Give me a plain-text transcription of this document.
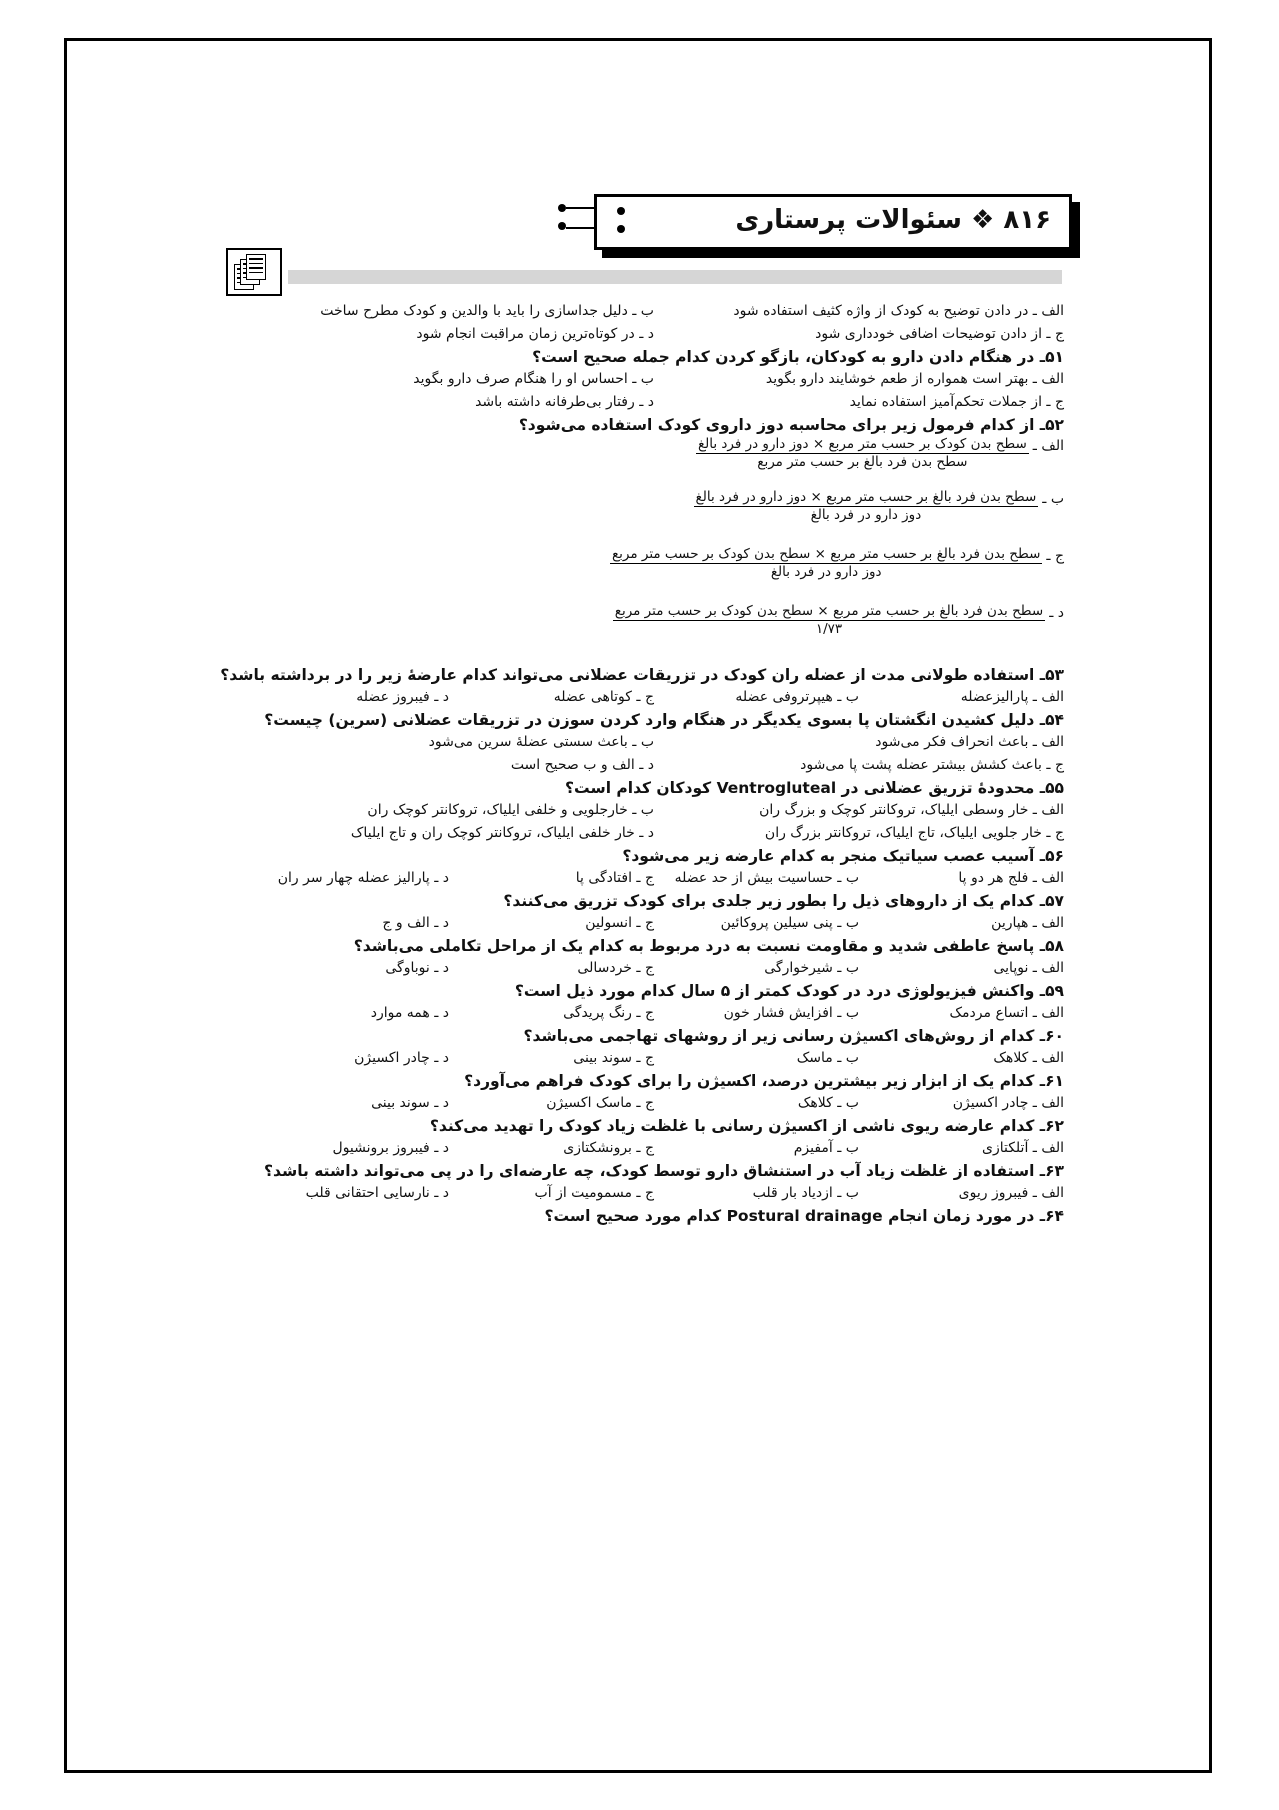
۸۱۶ ❖ سئوالات پرستاری
الف ـ در دادن توضیح به کودک از واژه کثیف استفاده شود
ب ـ دلیل جداسازی را باید با والدین و کودک مطرح ساخت
ج ـ از دادن توضیحات اضافی خودداری شود
د ـ در کوتاه‌ترین زمان مراقبت انجام شود
۵۱ـ در هنگام دادن دارو به کودکان، بازگو کردن کدام جمله صحیح است؟
الف ـ بهتر است همواره از طعم خوشایند دارو بگوید
ب ـ احساس او را هنگام صرف دارو بگوید
ج ـ از جملات تحکم‌آمیز استفاده نماید
د ـ رفتار بی‌طرفانه داشته باشد
۵۲ـ از کدام فرمول زیر برای محاسبه دوز داروی کودک استفاده می‌شود؟
الف ـ
$\frac{\text{سطح بدن کودک بر حسب متر مربع × دوز دارو در فرد بالغ}}{\text{سطح بدن فرد بالغ بر حسب متر مربع}}$
ب ـ
$\frac{\text{سطح بدن فرد بالغ بر حسب متر مربع × دوز دارو در فرد بالغ}}{\text{دوز دارو در فرد بالغ}}$
ج ـ
سطح بدن فرد بالغ بر حسب متر مربع × سطح بدن کودک بر حسب متر مربع
دوز دارو در فرد بالغ
د ـ
سطح بدن فرد بالغ بر حسب متر مربع × سطح بدن کودک بر حسب متر مربع
۱/۷۳
۵۳ـ استفاده طولانی مدت از عضله ران کودک در تزریقات عضلانی می‌تواند کدام عارضهٔ زیر را در برداشته باشد؟
الف ـ پارالیزعضله
ب ـ هیپرتروفی عضله
ج ـ کوتاهی عضله
د ـ فیبروز عضله
۵۴ـ دلیل کشیدن انگشتان پا بسوی یکدیگر در هنگام وارد کردن سوزن در تزریقات عضلانی (سرین) چیست؟
الف ـ باعث انحراف فکر می‌شود
ب ـ باعث سستی عضلهٔ سرین می‌شود
ج ـ باعث کشش بیشتر عضله پشت پا می‌شود
د ـ الف و ب صحیح است
۵۵ـ محدودهٔ تزریق عضلانی در Ventrogluteal کودکان کدام است؟
الف ـ خار وسطی ایلیاک، تروکانتر کوچک و بزرگ ران
ب ـ خارجلویی و خلفی ایلیاک، تروکانتر کوچک ران
ج ـ خار جلویی ایلیاک، تاج ایلیاک، تروکانتر بزرگ ران
د ـ خار خلفی ایلیاک، تروکانتر کوچک ران و تاج ایلیاک
۵۶ـ آسیب عصب سیاتیک منجر به کدام عارضه زیر می‌شود؟
الف ـ فلج هر دو پا
ب ـ حساسیت بیش از حد عضله
ج ـ افتادگی پا
د ـ پارالیز عضله چهار سر ران
۵۷ـ کدام یک از داروهای ذیل را بطور زیر جلدی برای کودک تزریق می‌کنند؟
الف ـ هپارین
ب ـ پنی سیلین پروکائین
ج ـ انسولین
د ـ الف و ج
۵۸ـ پاسخ عاطفی شدید و مقاومت نسبت به درد مربوط به کدام یک از مراحل تکاملی می‌باشد؟
الف ـ نوپایی
ب ـ شیرخوارگی
ج ـ خردسالی
د ـ نوباوگی
۵۹ـ واکنش فیزیولوژی درد در کودک کمتر از ۵ سال کدام مورد ذیل است؟
الف ـ اتساع مردمک
ب ـ افزایش فشار خون
ج ـ رنگ پریدگی
د ـ همه موارد
۶۰ـ کدام از روش‌های اکسیژن رسانی زیر از روشهای تهاجمی می‌باشد؟
الف ـ کلاهک
ب ـ ماسک
ج ـ سوند بینی
د ـ چادر اکسیژن
۶۱ـ کدام یک از ابزار زیر بیشترین درصد، اکسیژن را برای کودک فراهم می‌آورد؟
الف ـ چادر اکسیژن
ب ـ کلاهک
ج ـ ماسک اکسیژن
د ـ سوند بینی
۶۲ـ کدام عارضه ریوی ناشی از اکسیژن رسانی با غلظت زیاد کودک را تهدید می‌کند؟
الف ـ آتلکتازی
ب ـ آمفیزم
ج ـ برونشکتازی
د ـ فیبروز برونشیول
۶۳ـ استفاده از غلظت زیاد آب در استنشاق دارو توسط کودک، چه عارضه‌ای را در پی می‌تواند داشته باشد؟
الف ـ فیبروز ریوی
ب ـ ازدیاد بار قلب
ج ـ مسمومیت از آب
د ـ نارسایی احتقانی قلب
۶۴ـ در مورد زمان انجام Postural drainage کدام مورد صحیح است؟
